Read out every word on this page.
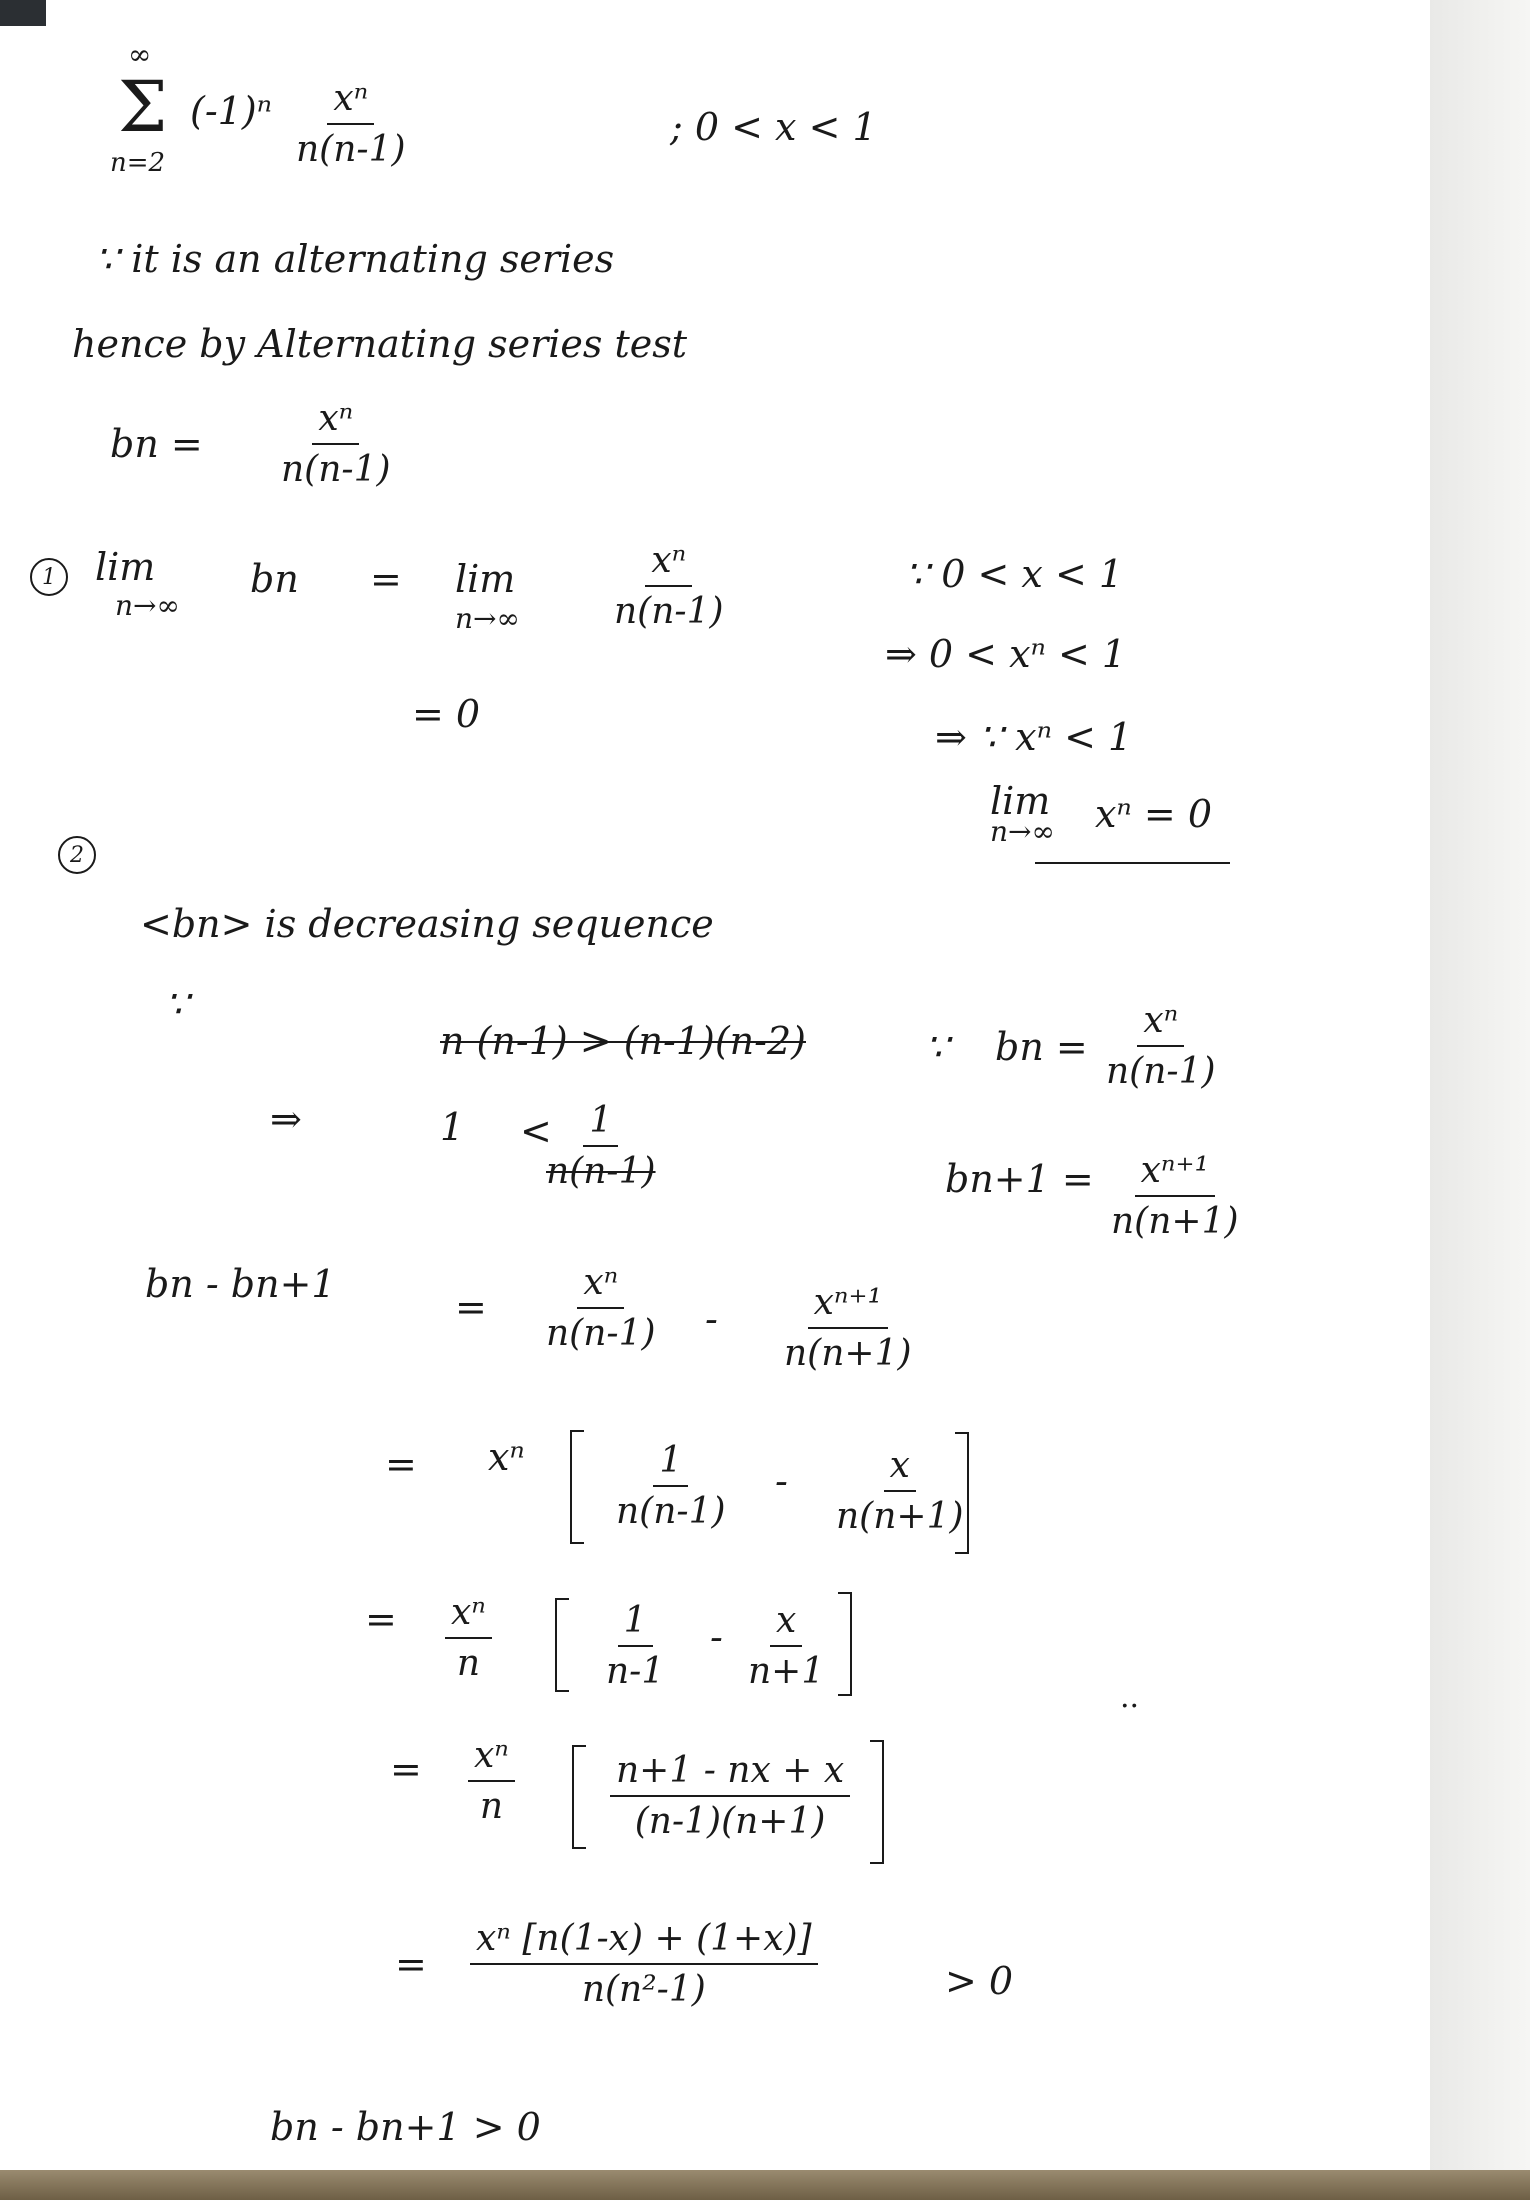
∞
Σ
n=2
$(-1)^n \frac{\text{xⁿ}}{n(n-1)}$	; 0 < x < 1
∵ it is an alternating series
hence by Alternating series test
bn = $\frac{\text{xⁿ}}{n(n-1)}$
1	lim
n→∞
bn = lim
$n\to\infty \frac{\text{xⁿ}}{n(n-1)}$
= 0
∵ 0 < x < 1
⇒ 0 < xⁿ < 1
⇒ ∵ xⁿ < 1
lim
n→∞ xⁿ = 0
2
<bn> is decreasing sequence
∵
n (n-1) > (n-1)(n-2)
⇒	1 <
$\frac{1}{n(n-1)}$
∵ bn = $\frac{\text{xⁿ}}{n(n-1)}$
$bn+1 = \frac{\text{xⁿ⁺¹}}{n(n+1)}$
bn - bn+1
= $\frac{\text{xⁿ}}{n(n-1)} - \frac{\text{xⁿ⁺¹}}{n(n+1)}$
= xⁿ $\frac{1}{n(n-1)} - \frac{x}{n(n+1)}$
= $\frac{\text{xⁿ}}{n}$	$\frac{1}{n-1} - \frac{x}{n+1}$
..
= $\frac{\text{xⁿ}}{n}$	$\frac{n+1 - nx + x}{(n-1)(n+1)}$
= $\frac{\text{xⁿ [n(1-x) + (1+x)]}}{\text{n(n²-1)}}$	> 0
bn - bn+1 > 0
